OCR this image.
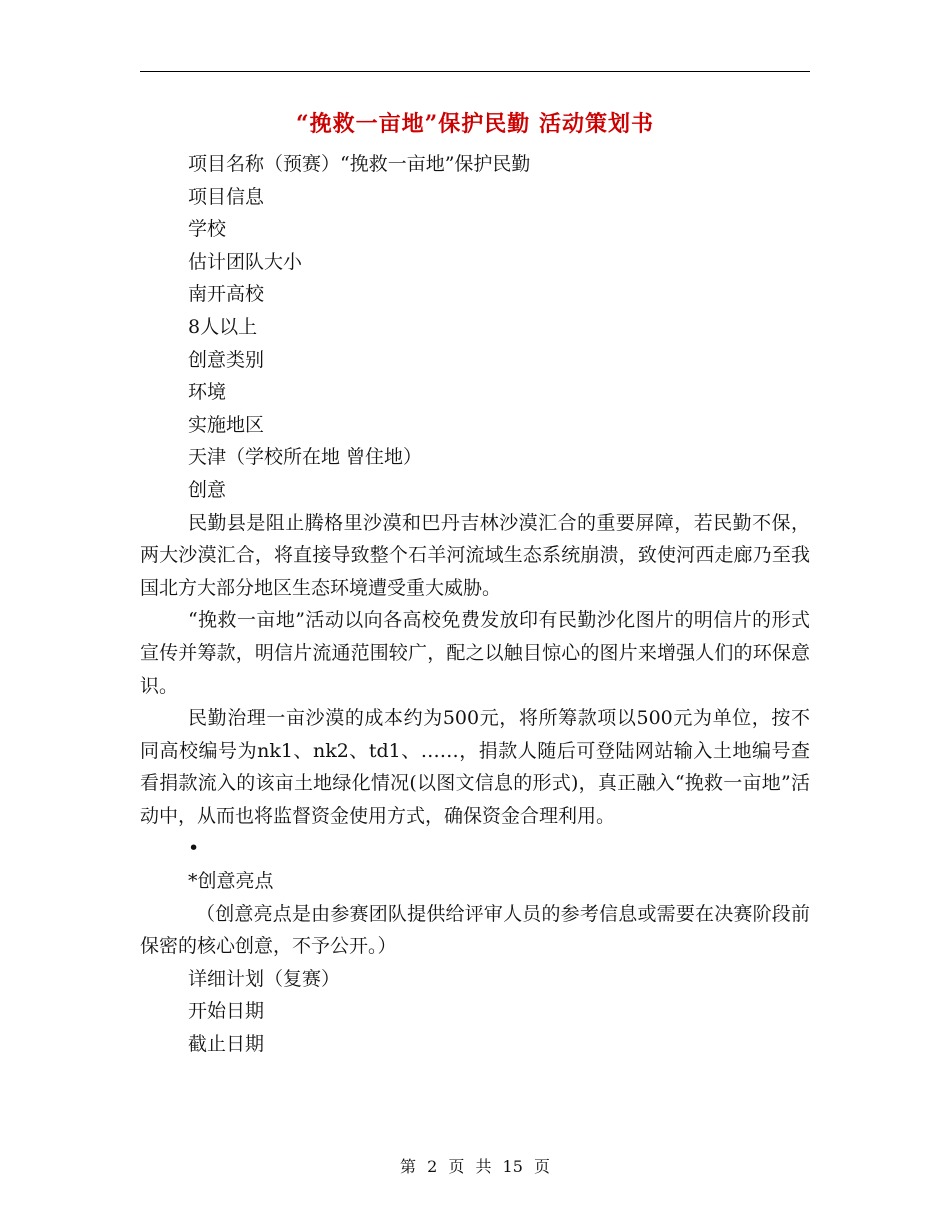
“挽救一亩地”保护民勤 活动策划书

项目名称（预赛）“挽救一亩地”保护民勤

项目信息

学校

估计团队大小

南开高校

8人以上

创意类别

环境

实施地区

天津（学校所在地 曾住地）

创意

民勤县是阻止腾格里沙漠和巴丹吉林沙漠汇合的重要屏障，若民勤不保，两大沙漠汇合，将直接导致整个石羊河流域生态系统崩溃，致使河西走廊乃至我国北方大部分地区生态环境遭受重大威胁。

“挽救一亩地”活动以向各高校免费发放印有民勤沙化图片的明信片的形式宣传并筹款，明信片流通范围较广，配之以触目惊心的图片来增强人们的环保意识。

民勤治理一亩沙漠的成本约为500元，将所筹款项以500元为单位，按不同高校编号为nk1、nk2、td1、……，捐款人随后可登陆网站输入土地编号查看捐款流入的该亩土地绿化情况(以图文信息的形式)，真正融入“挽救一亩地”活动中，从而也将监督资金使用方式，确保资金合理利用。

•

*创意亮点

（创意亮点是由参赛团队提供给评审人员的参考信息或需要在决赛阶段前保密的核心创意，不予公开。）

详细计划（复赛）

开始日期

截止日期

第 2 页 共 15 页
